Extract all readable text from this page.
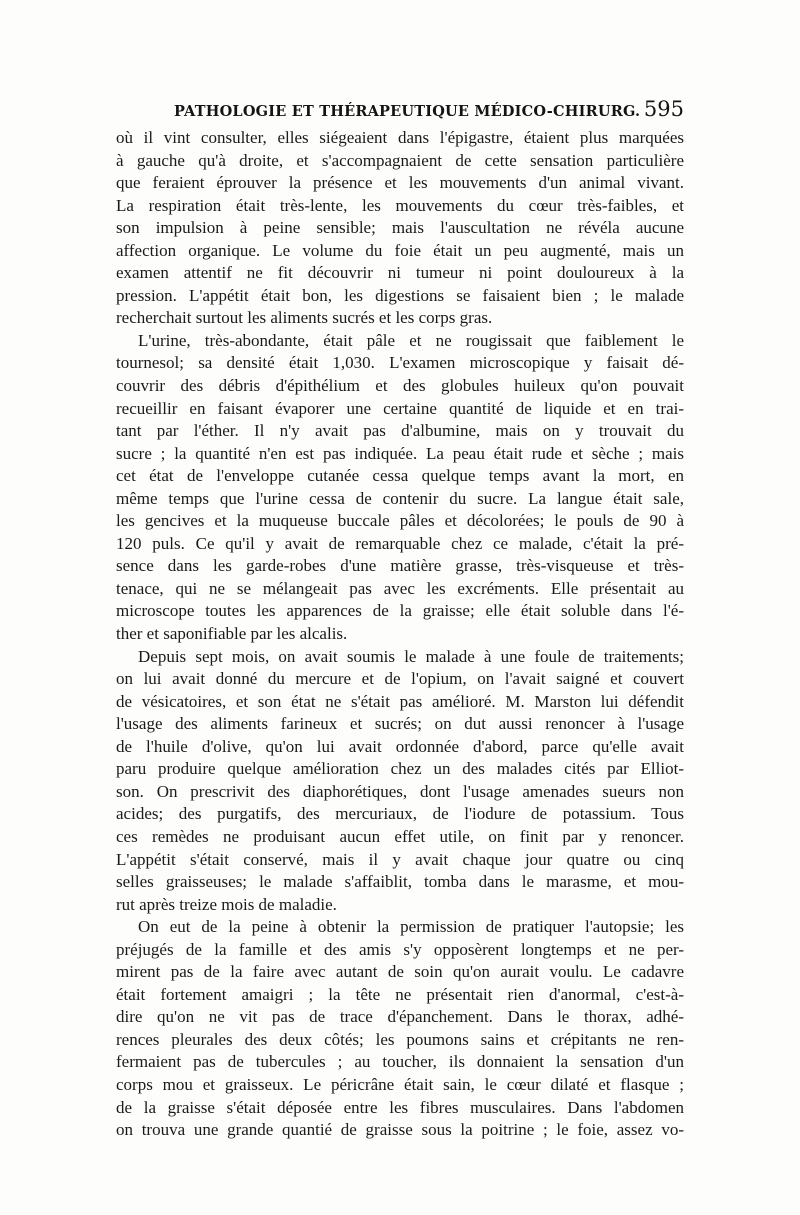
PATHOLOGIE ET THÉRAPEUTIQUE MÉDICO-CHIRURG. 595
où il vint consulter, elles siégeaient dans l'épigastre, étaient plus marquées
à gauche qu'à droite, et s'accompagnaient de cette sensation particulière
que feraient éprouver la présence et les mouvements d'un animal vivant.
La respiration était très-lente, les mouvements du cœur très-faibles, et
son impulsion à peine sensible; mais l'auscultation ne révéla aucune
affection organique. Le volume du foie était un peu augmenté, mais un
examen attentif ne fit découvrir ni tumeur ni point douloureux à la
pression. L'appétit était bon, les digestions se faisaient bien ; le malade
recherchait surtout les aliments sucrés et les corps gras.
L'urine, très-abondante, était pâle et ne rougissait que faiblement le
tournesol; sa densité était 1,030. L'examen microscopique y faisait dé-
couvrir des débris d'épithélium et des globules huileux qu'on pouvait
recueillir en faisant évaporer une certaine quantité de liquide et en trai-
tant par l'éther. Il n'y avait pas d'albumine, mais on y trouvait du
sucre ; la quantité n'en est pas indiquée. La peau était rude et sèche ; mais
cet état de l'enveloppe cutanée cessa quelque temps avant la mort, en
même temps que l'urine cessa de contenir du sucre. La langue était sale,
les gencives et la muqueuse buccale pâles et décolorées; le pouls de 90 à
120 puls. Ce qu'il y avait de remarquable chez ce malade, c'était la pré-
sence dans les garde-robes d'une matière grasse, très-visqueuse et très-
tenace, qui ne se mélangeait pas avec les excréments. Elle présentait au
microscope toutes les apparences de la graisse; elle était soluble dans l'é-
ther et saponifiable par les alcalis.
Depuis sept mois, on avait soumis le malade à une foule de traitements;
on lui avait donné du mercure et de l'opium, on l'avait saigné et couvert
de vésicatoires, et son état ne s'était pas amélioré. M. Marston lui défendit
l'usage des aliments farineux et sucrés; on dut aussi renoncer à l'usage
de l'huile d'olive, qu'on lui avait ordonnée d'abord, parce qu'elle avait
paru produire quelque amélioration chez un des malades cités par Elliot-
son. On prescrivit des diaphorétiques, dont l'usage amenades sueurs non
acides; des purgatifs, des mercuriaux, de l'iodure de potassium. Tous
ces remèdes ne produisant aucun effet utile, on finit par y renoncer.
L'appétit s'était conservé, mais il y avait chaque jour quatre ou cinq
selles graisseuses; le malade s'affaiblit, tomba dans le marasme, et mou-
rut après treize mois de maladie.
On eut de la peine à obtenir la permission de pratiquer l'autopsie; les
préjugés de la famille et des amis s'y opposèrent longtemps et ne per-
mirent pas de la faire avec autant de soin qu'on aurait voulu. Le cadavre
était fortement amaigri ; la tête ne présentait rien d'anormal, c'est-à-
dire qu'on ne vit pas de trace d'épanchement. Dans le thorax, adhé-
rences pleurales des deux côtés; les poumons sains et crépitants ne ren-
fermaient pas de tubercules ; au toucher, ils donnaient la sensation d'un
corps mou et graisseux. Le péricrâne était sain, le cœur dilaté et flasque ;
de la graisse s'était déposée entre les fibres musculaires. Dans l'abdomen
on trouva une grande quantié de graisse sous la poitrine ; le foie, assez vo-
